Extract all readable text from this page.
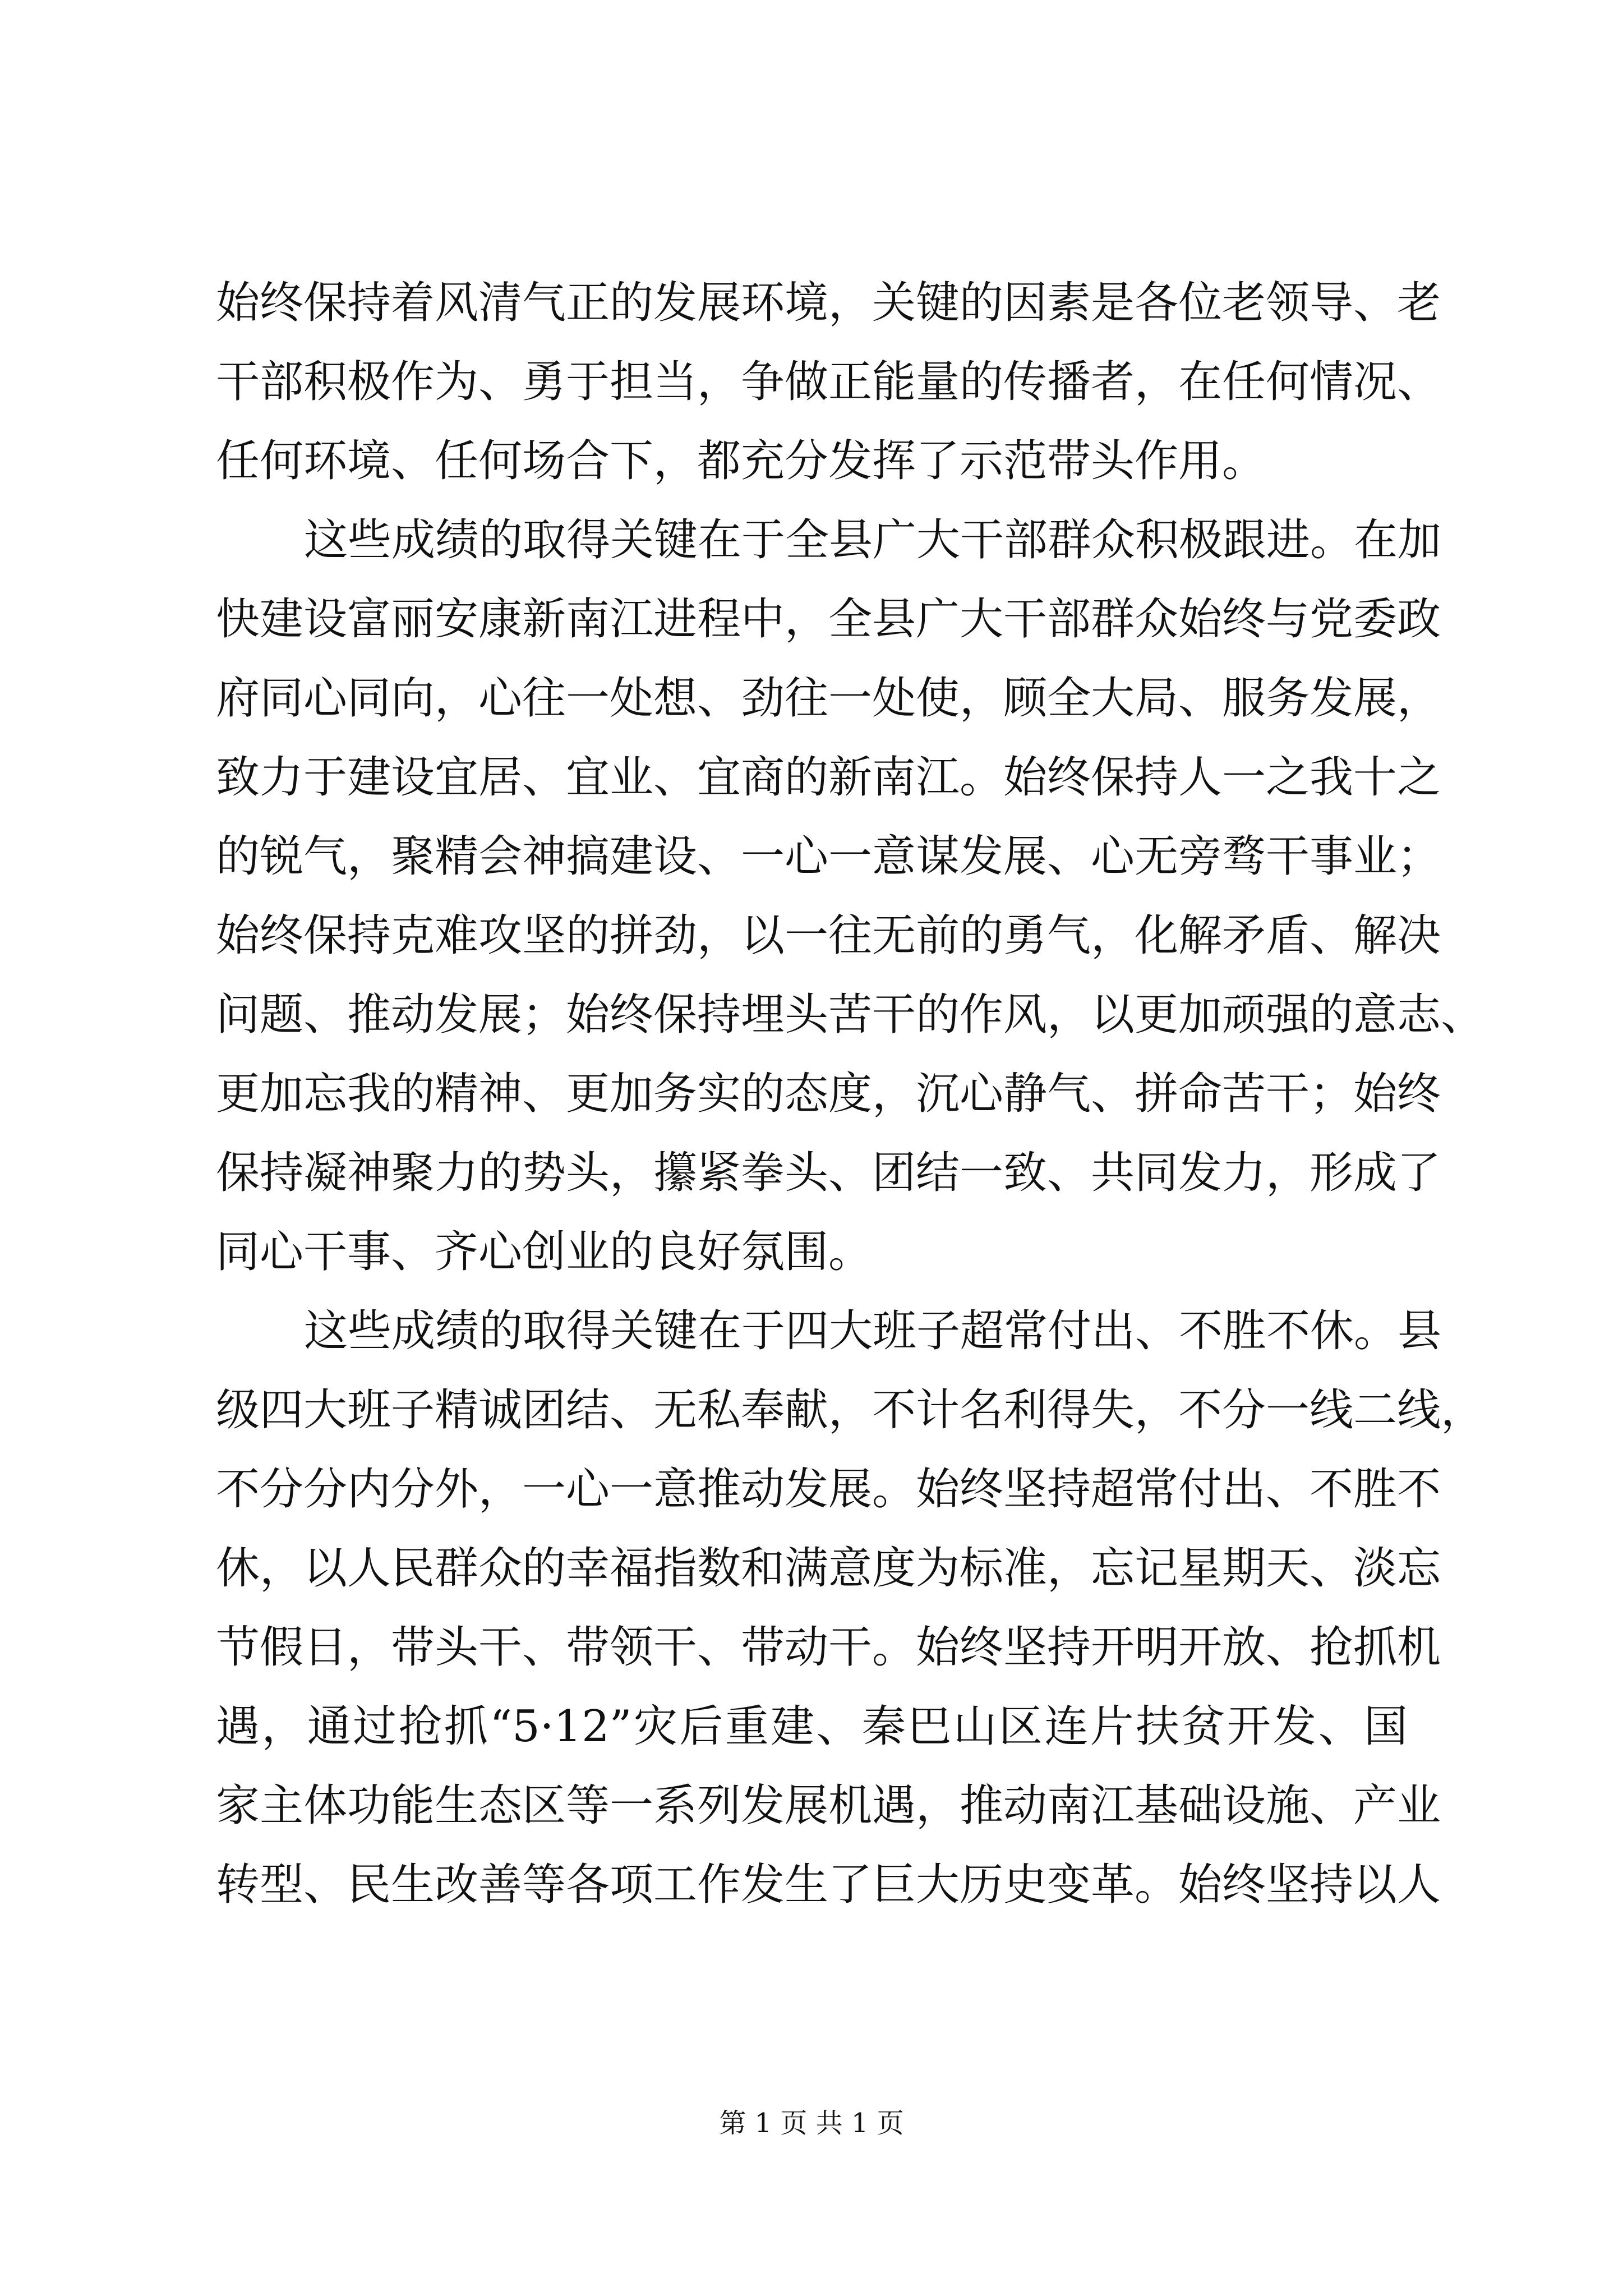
始终保持着风清气正的发展环境，关键的因素是各位老领导、老
干部积极作为、勇于担当，争做正能量的传播者，在任何情况、
任何环境、任何场合下，都充分发挥了示范带头作用。
这些成绩的取得关键在于全县广大干部群众积极跟进。在加
快建设富丽安康新南江进程中，全县广大干部群众始终与党委政
府同心同向，心往一处想、劲往一处使，顾全大局、服务发展，
致力于建设宜居、宜业、宜商的新南江。始终保持人一之我十之
的锐气，聚精会神搞建设、一心一意谋发展、心无旁骛干事业；
始终保持克难攻坚的拼劲，以一往无前的勇气，化解矛盾、解决
问题、推动发展；始终保持埋头苦干的作风，以更加顽强的意志、
更加忘我的精神、更加务实的态度，沉心静气、拼命苦干；始终
保持凝神聚力的势头，攥紧拳头、团结一致、共同发力，形成了
同心干事、齐心创业的良好氛围。
这些成绩的取得关键在于四大班子超常付出、不胜不休。县
级四大班子精诚团结、无私奉献，不计名利得失，不分一线二线，
不分分内分外，一心一意推动发展。始终坚持超常付出、不胜不
休，以人民群众的幸福指数和满意度为标准，忘记星期天、淡忘
节假日，带头干、带领干、带动干。始终坚持开明开放、抢抓机
遇，通过抢抓“5·12”灾后重建、秦巴山区连片扶贫开发、国
家主体功能生态区等一系列发展机遇，推动南江基础设施、产业
转型、民生改善等各项工作发生了巨大历史变革。始终坚持以人
第 1 页 共 1 页
